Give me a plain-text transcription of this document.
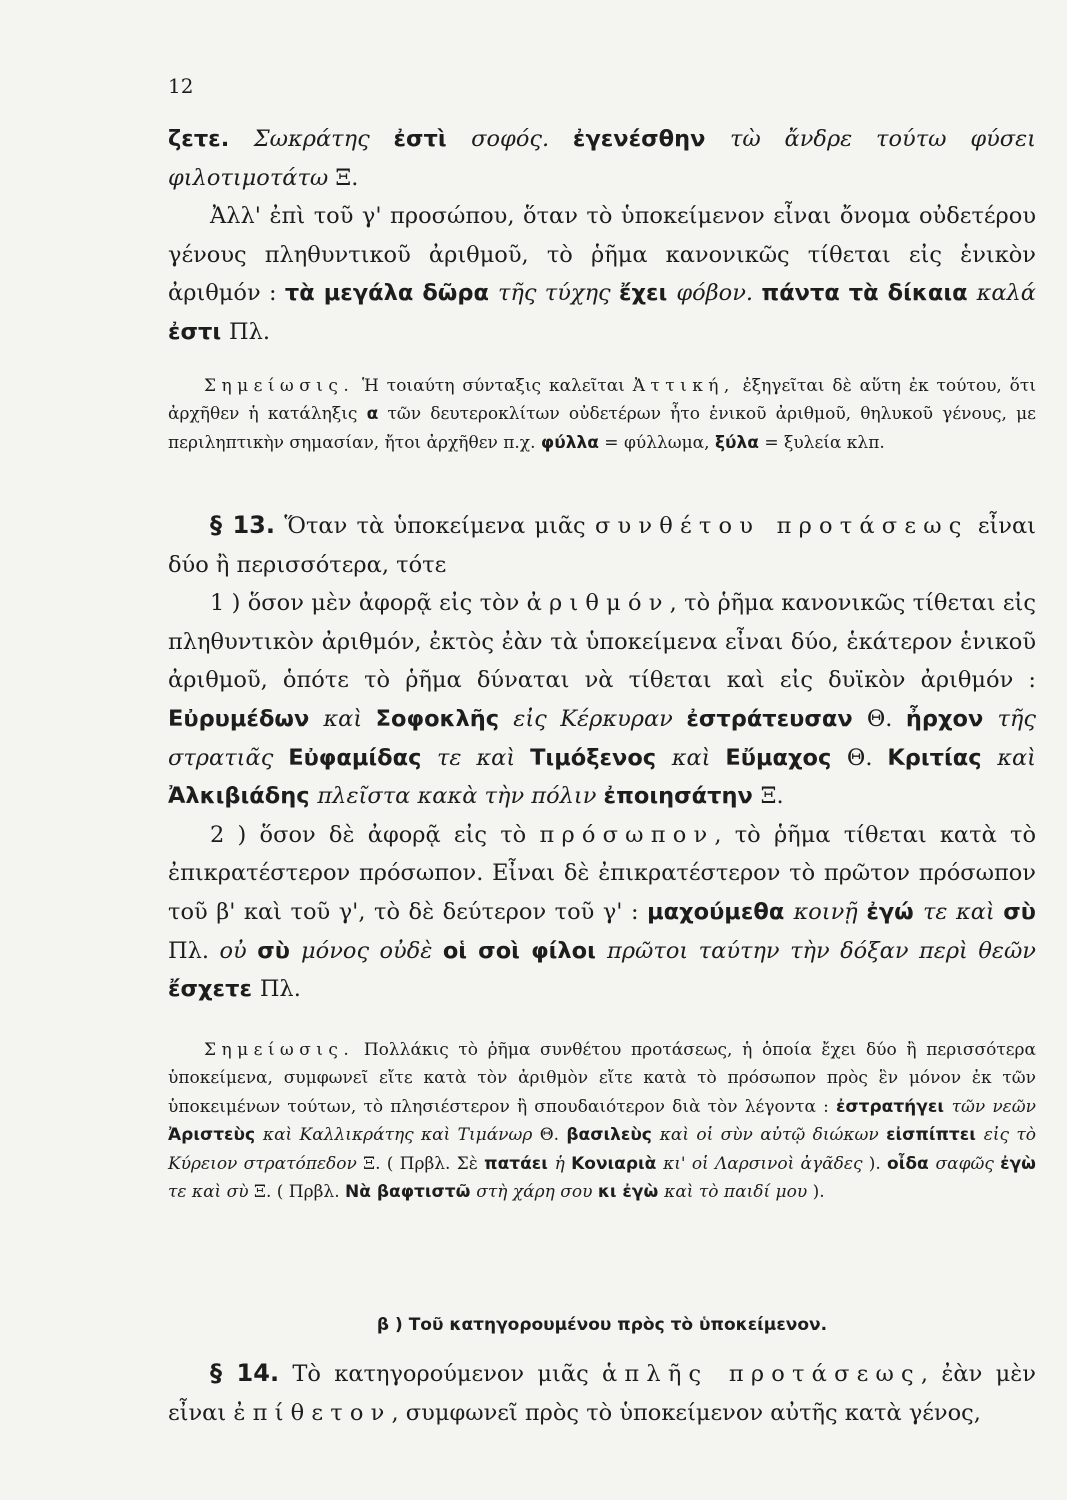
12

ζετε. Σωκράτης ἐστὶ σοφός. ἐγενέσθην τὼ ἄνδρε τούτω φύσει φιλοτιμοτάτω Ξ.

Ἀλλ' ἐπὶ τοῦ γ' προσώπου, ὅταν τὸ ὑποκείμενον εἶναι ὄνομα οὐδετέρου γένους πληθυντικοῦ ἀριθμοῦ, τὸ ῥῆμα κανονικῶς τίθεται εἰς ἑνικὸν ἀριθμόν : τὰ μεγάλα δῶρα τῆς τύχης ἔχει φόβον. πάντα τὰ δίκαια καλά ἐστι Πλ.

Σημείωσις. Ἡ τοιαύτη σύνταξις καλεῖται Ἀττική, ἐξηγεῖται δὲ αὕτη ἐκ τούτου, ὅτι ἀρχῆθεν ἡ κατάληξις α τῶν δευτεροκλίτων οὐδετέρων ἦτο ἑνικοῦ ἀριθμοῦ, θηλυκοῦ γένους, με περιληπτικὴν σημασίαν, ἤτοι ἀρχῆθεν π.χ. φύλλα = φύλλωμα, ξύλα = ξυλεία κλπ.

§ 13. Ὅταν τὰ ὑποκείμενα μιᾶς συνθέτου προτάσεως εἶναι δύο ἢ περισσότερα, τότε

1 ) ὅσον μὲν ἀφορᾷ εἰς τὸν ἀριθμόν, τὸ ῥῆμα κανονικῶς τίθεται εἰς πληθυντικὸν ἀριθμόν, ἐκτὸς ἐὰν τὰ ὑποκείμενα εἶναι δύο, ἑκάτερον ἑνικοῦ ἀριθμοῦ, ὁπότε τὸ ῥῆμα δύναται νὰ τίθεται καὶ εἰς δυϊκὸν ἀριθμόν : Εὐρυμέδων καὶ Σοφοκλῆς εἰς Κέρκυραν ἐστράτευσαν Θ. ἦρχον τῆς στρατιᾶς Εὐφαμίδας τε καὶ Τιμόξενος καὶ Εὔμαχος Θ. Κριτίας καὶ Ἀλκιβιάδης πλεῖστα κακὰ τὴν πόλιν ἐποιησάτην Ξ.

2 ) ὅσον δὲ ἀφορᾷ εἰς τὸ πρόσωπον, τὸ ῥῆμα τίθεται κατὰ τὸ ἐπικρατέστερον πρόσωπον. Εἶναι δὲ ἐπικρατέστερον τὸ πρῶτον πρόσωπον τοῦ β' καὶ τοῦ γ', τὸ δὲ δεύτερον τοῦ γ' : μαχούμεθα κοινῇ ἐγώ τε καὶ σὺ Πλ. οὐ σὺ μόνος οὐδὲ οἱ σοὶ φίλοι πρῶτοι ταύτην τὴν δόξαν περὶ θεῶν ἔσχετε Πλ.

Σημείωσις. Πολλάκις τὸ ῥῆμα συνθέτου προτάσεως, ἡ ὁποία ἔχει δύο ἢ περισσότερα ὑποκείμενα, συμφωνεῖ εἴτε κατὰ τὸν ἀριθμὸν εἴτε κατὰ τὸ πρόσωπον πρὸς ἓν μόνον ἐκ τῶν ὑποκειμένων τούτων, τὸ πλησιέστερον ἢ σπουδαιότερον διὰ τὸν λέγοντα : ἐστρατήγει τῶν νεῶν Ἀριστεὺς καὶ Καλλικράτης καὶ Τιμάνωρ Θ. βασιλεὺς καὶ οἱ σὺν αὐτῷ διώκων εἰσπίπτει εἰς τὸ Κύρειον στρατόπεδον Ξ. ( Πρβλ. Σὲ πατάει ἡ Κονιαριὰ κι' οἱ Λαρσινοὶ ἀγᾶδες ). οἶδα σαφῶς ἐγὼ τε καὶ σὺ Ξ. ( Πρβλ. Νὰ βαφτιστῶ στὴ χάρη σου κι ἐγὼ καὶ τὸ παιδί μου ).

β ) Τοῦ κατηγορουμένου πρὸς τὸ ὑποκείμενον.

§ 14. Τὸ κατηγορούμενον μιᾶς ἁπλῆς προτάσεως, ἐὰν μὲν εἶναι ἐπίθετον, συμφωνεῖ πρὸς τὸ ὑποκείμενον αὐτῆς κατὰ γένος,
